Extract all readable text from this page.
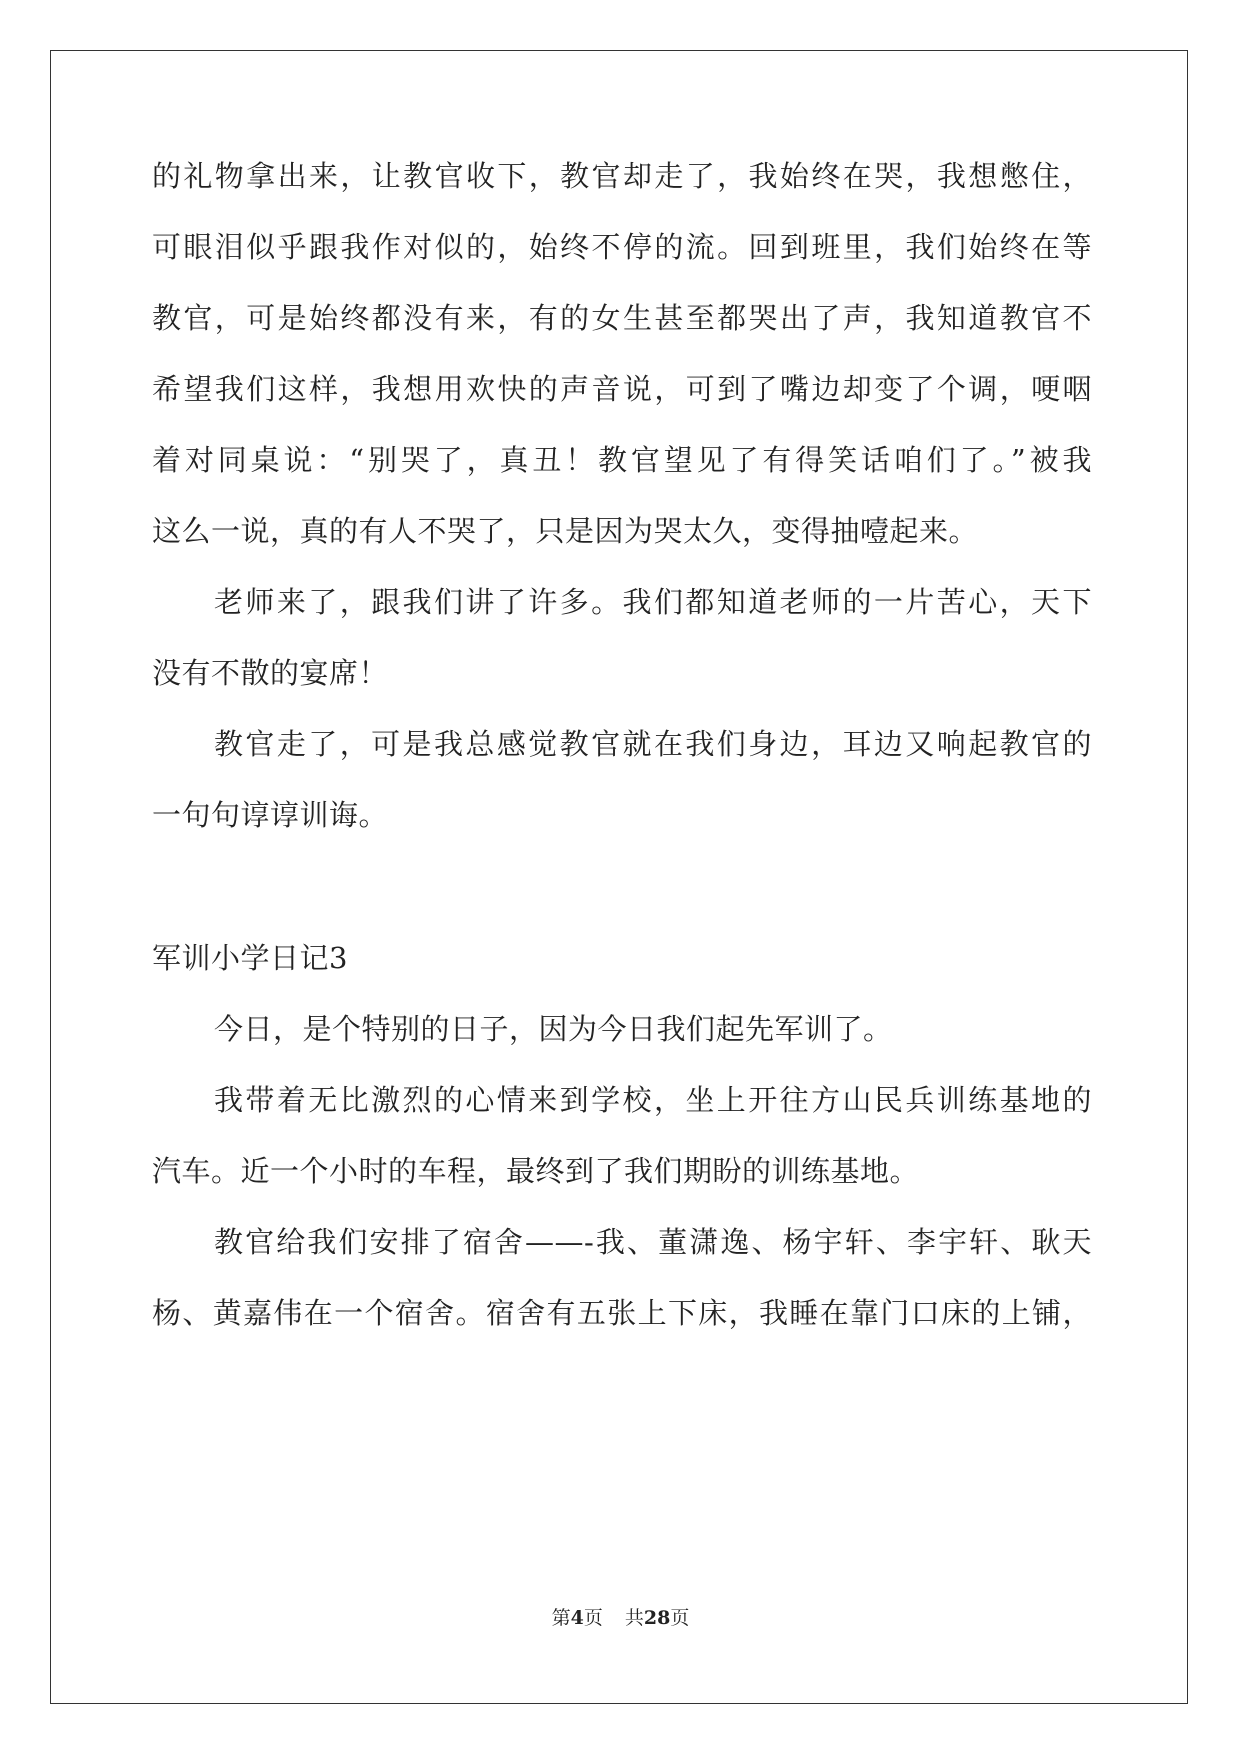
的礼物拿出来，让教官收下，教官却走了，我始终在哭，我想憋住，
可眼泪似乎跟我作对似的，始终不停的流。回到班里，我们始终在等
教官，可是始终都没有来，有的女生甚至都哭出了声，我知道教官不
希望我们这样，我想用欢快的声音说，可到了嘴边却变了个调，哽咽
着对同桌说：“别哭了，真丑！教官望见了有得笑话咱们了。”被我
这么一说，真的有人不哭了，只是因为哭太久，变得抽噎起来。
老师来了，跟我们讲了许多。我们都知道老师的一片苦心，天下
没有不散的宴席！
教官走了，可是我总感觉教官就在我们身边，耳边又响起教官的
一句句谆谆训诲。
军训小学日记3
今日，是个特别的日子，因为今日我们起先军训了。
我带着无比激烈的心情来到学校，坐上开往方山民兵训练基地的
汽车。近一个小时的车程，最终到了我们期盼的训练基地。
教官给我们安排了宿舍——-我、董潇逸、杨宇轩、李宇轩、耿天
杨、黄嘉伟在一个宿舍。宿舍有五张上下床，我睡在靠门口床的上铺，
第4页 共28页
